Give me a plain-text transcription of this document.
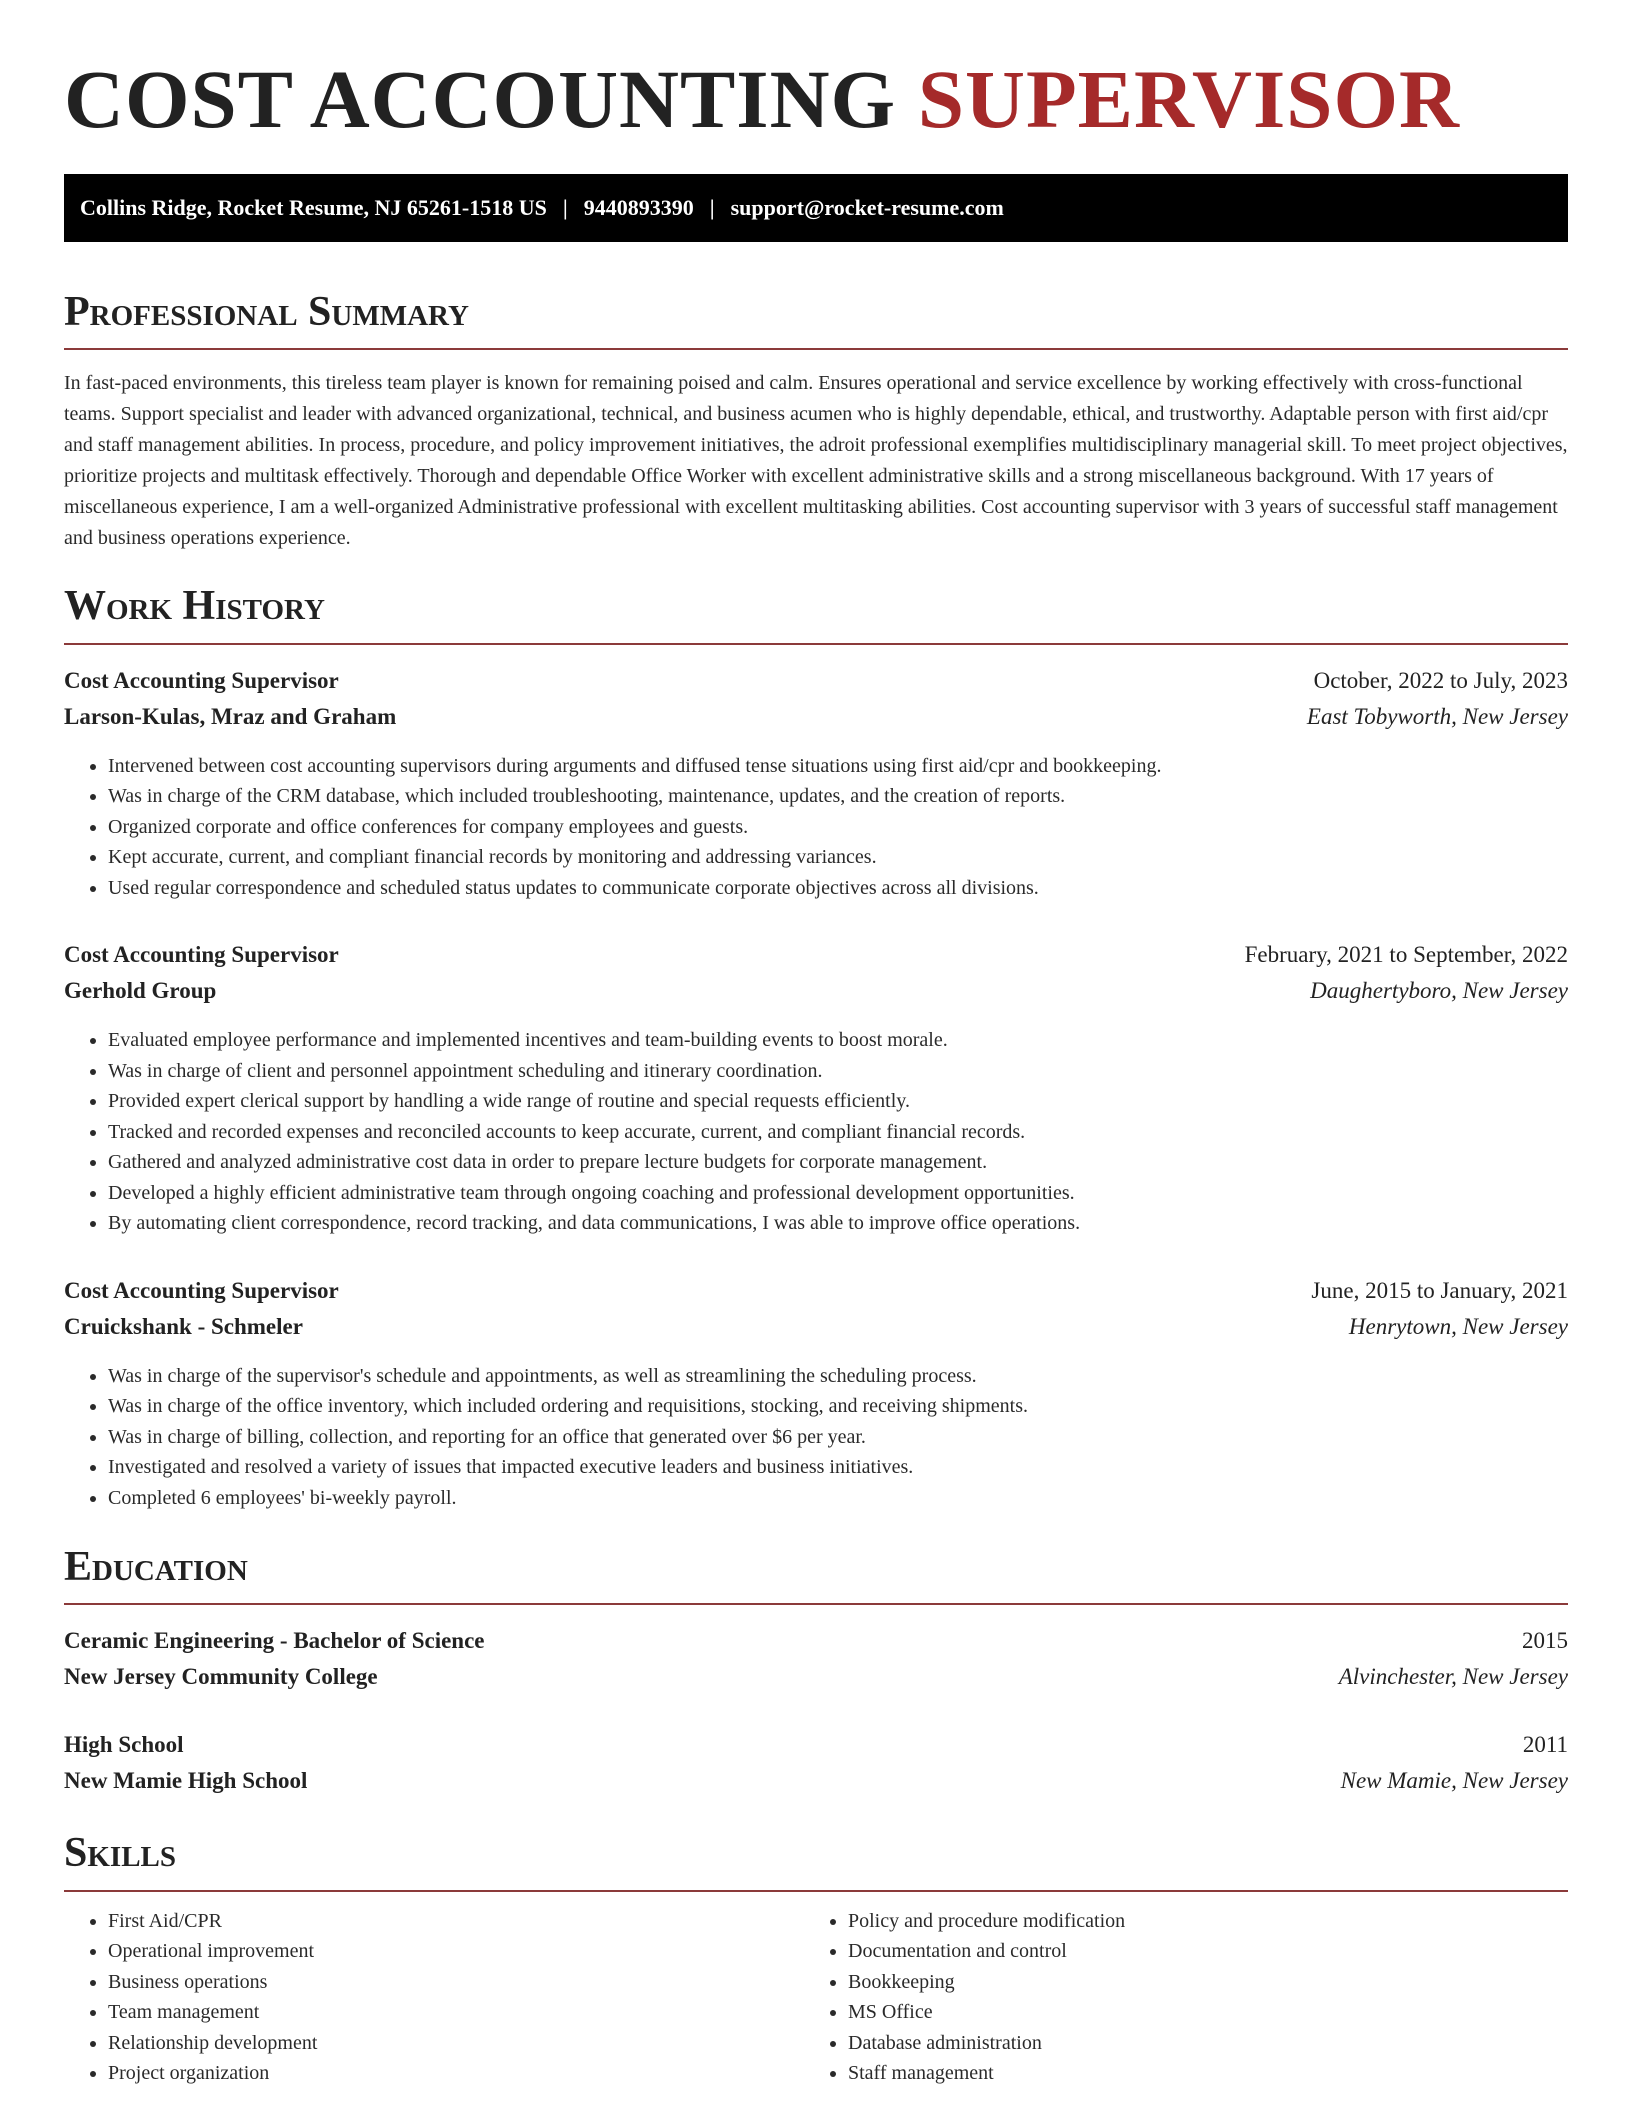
COST ACCOUNTING SUPERVISOR
Collins Ridge, Rocket Resume, NJ 65261-1518 US | 9440893390 | support@rocket-resume.com
Professional Summary

In fast-paced environments, this tireless team player is known for remaining poised and calm. Ensures operational and service excellence by working effectively with cross-functional teams. Support specialist and leader with advanced organizational, technical, and business acumen who is highly dependable, ethical, and trustworthy. Adaptable person with first aid/cpr and staff management abilities. In process, procedure, and policy improvement initiatives, the adroit professional exemplifies multidisciplinary managerial skill. To meet project objectives, prioritize projects and multitask effectively. Thorough and dependable Office Worker with excellent administrative skills and a strong miscellaneous background. With 17 years of miscellaneous experience, I am a well-organized Administrative professional with excellent multitasking abilities. Cost accounting supervisor with 3 years of successful staff management and business operations experience.

Work History
Cost Accounting Supervisor	October, 2022 to July, 2023
Larson-Kulas, Mraz and Graham	East Tobyworth, New Jersey
• Intervened between cost accounting supervisors during arguments and diffused tense situations using first aid/cpr and bookkeeping.
• Was in charge of the CRM database, which included troubleshooting, maintenance, updates, and the creation of reports.
• Organized corporate and office conferences for company employees and guests.
• Kept accurate, current, and compliant financial records by monitoring and addressing variances.
• Used regular correspondence and scheduled status updates to communicate corporate objectives across all divisions.
Cost Accounting Supervisor	February, 2021 to September, 2022
Gerhold Group	Daughertyboro, New Jersey
• Evaluated employee performance and implemented incentives and team-building events to boost morale.
• Was in charge of client and personnel appointment scheduling and itinerary coordination.
• Provided expert clerical support by handling a wide range of routine and special requests efficiently.
• Tracked and recorded expenses and reconciled accounts to keep accurate, current, and compliant financial records.
• Gathered and analyzed administrative cost data in order to prepare lecture budgets for corporate management.
• Developed a highly efficient administrative team through ongoing coaching and professional development opportunities.
• By automating client correspondence, record tracking, and data communications, I was able to improve office operations.
Cost Accounting Supervisor	June, 2015 to January, 2021
Cruickshank - Schmeler	Henrytown, New Jersey
• Was in charge of the supervisor's schedule and appointments, as well as streamlining the scheduling process.
• Was in charge of the office inventory, which included ordering and requisitions, stocking, and receiving shipments.
• Was in charge of billing, collection, and reporting for an office that generated over $6 per year.
• Investigated and resolved a variety of issues that impacted executive leaders and business initiatives.
• Completed 6 employees' bi-weekly payroll.
Education
Ceramic Engineering - Bachelor of Science	2015
New Jersey Community College	Alvinchester, New Jersey
High School	2011
New Mamie High School	New Mamie, New Jersey
Skills
• First Aid/CPR
• Operational improvement
• Business operations
• Team management
• Relationship development
• Project organization
• Policy and procedure modification
• Documentation and control
• Bookkeeping
• MS Office
• Database administration
• Staff management
